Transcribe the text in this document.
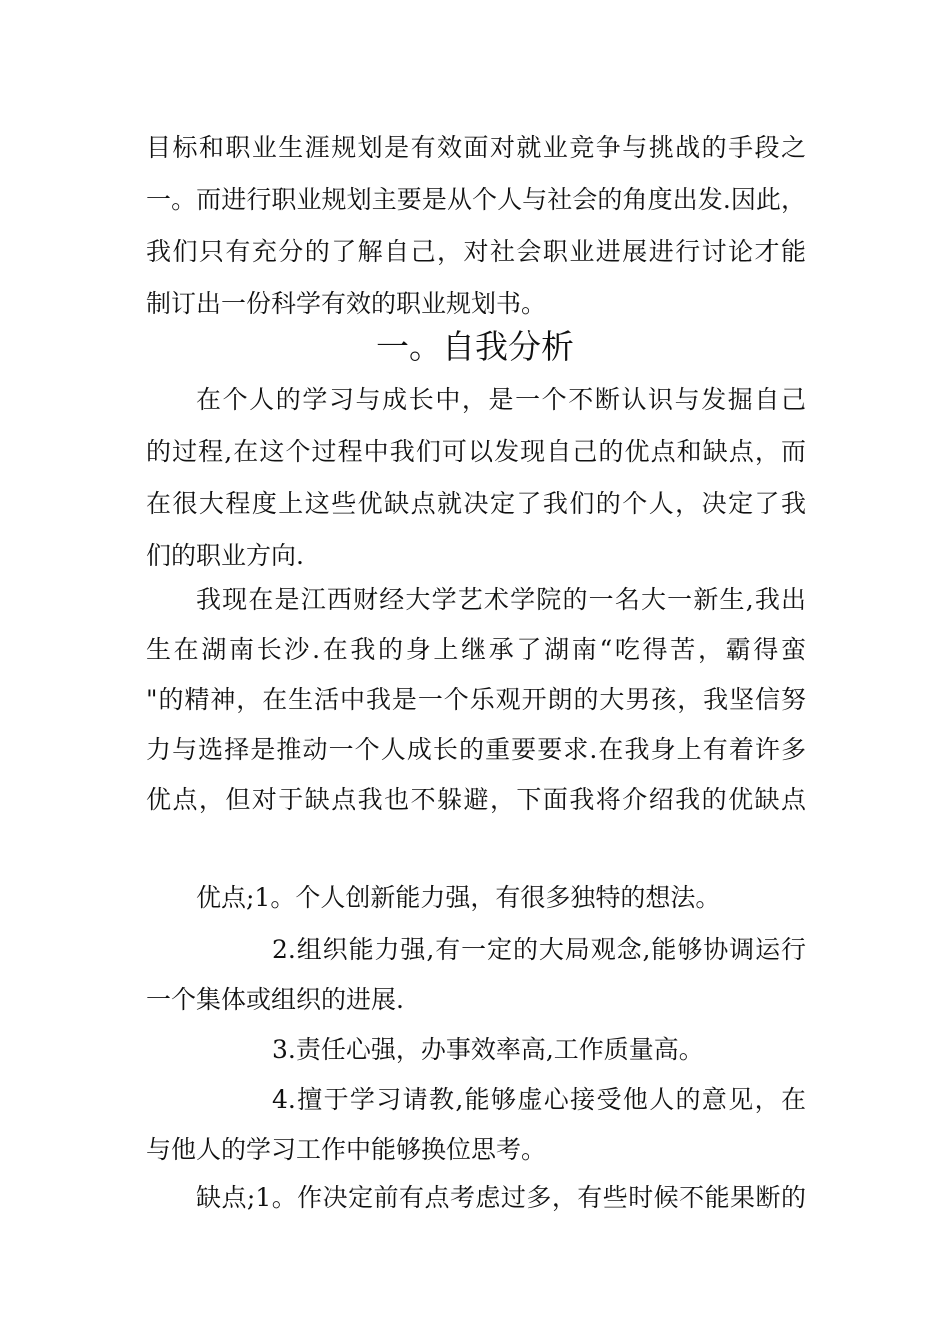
目标和职业生涯规划是有效面对就业竞争与挑战的手段之
一。而进行职业规划主要是从个人与社会的角度出发.因此，
我们只有充分的了解自己，对社会职业进展进行讨论才能
制订出一份科学有效的职业规划书。
一。自我分析
在个人的学习与成长中，是一个不断认识与发掘自己
的过程,在这个过程中我们可以发现自己的优点和缺点，而
在很大程度上这些优缺点就决定了我们的个人，决定了我
们的职业方向.
我现在是江西财经大学艺术学院的一名大一新生,我出
生在湖南长沙.在我的身上继承了湖南“吃得苦，霸得蛮
"的精神，在生活中我是一个乐观开朗的大男孩，我坚信努
力与选择是推动一个人成长的重要要求.在我身上有着许多
优点，但对于缺点我也不躲避，下面我将介绍我的优缺点
优点;1。个人创新能力强，有很多独特的想法。
2.组织能力强,有一定的大局观念,能够协调运行
一个集体或组织的进展.
3.责任心强，办事效率高,工作质量高。
4.擅于学习请教,能够虚心接受他人的意见，在
与他人的学习工作中能够换位思考。
缺点;1。作决定前有点考虑过多，有些时候不能果断的
